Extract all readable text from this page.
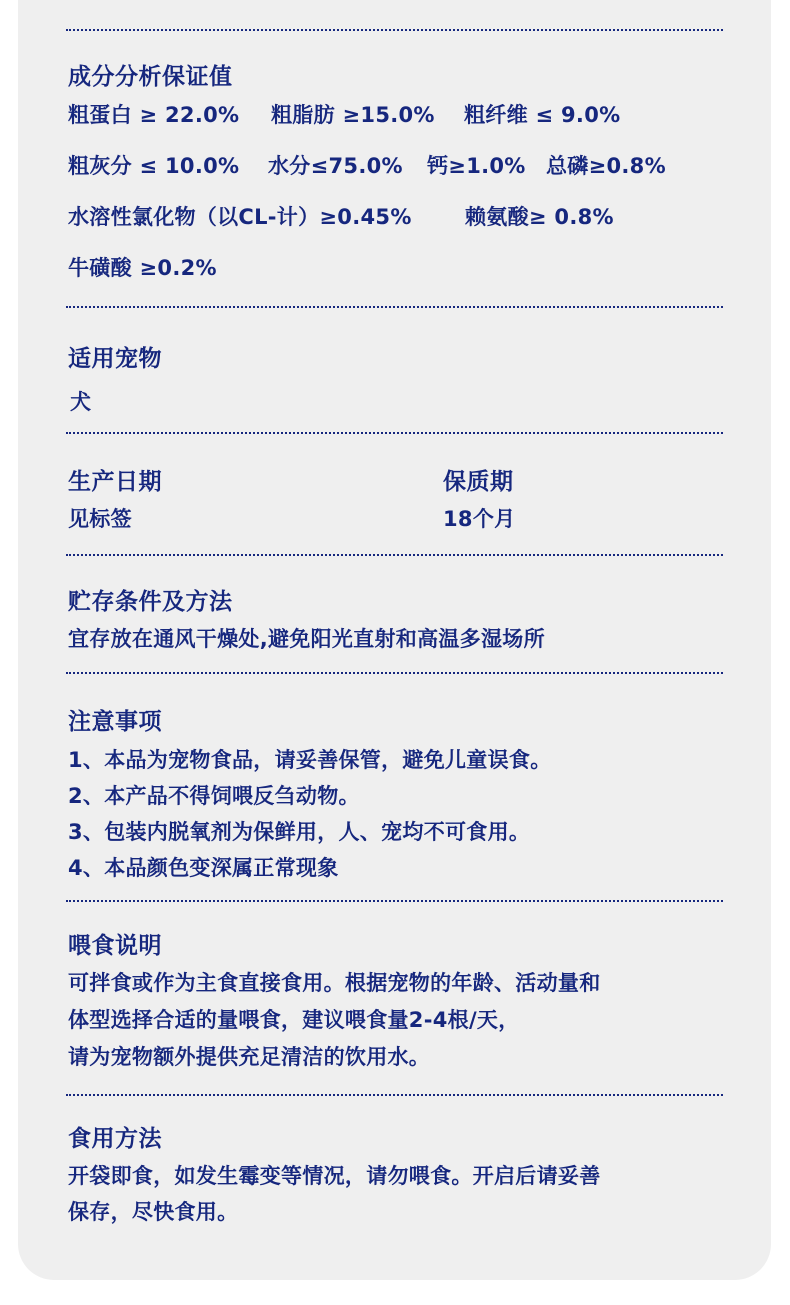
成分分析保证值
粗蛋白 ≥ 22.0% 粗脂肪 ≥15.0% 粗纤维 ≤ 9.0%
粗灰分 ≤ 10.0% 水分≤75.0% 钙≥1.0% 总磷≥0.8%
水溶性氯化物（以CL-计）≥0.45%	赖氨酸≥ 0.8%
牛磺酸 ≥0.2%
适用宠物
犬
生产日期
见标签
保质期
18个月
贮存条件及方法
宜存放在通风干燥处,避免阳光直射和高温多湿场所
注意事项
1、本品为宠物食品，请妥善保管，避免儿童误食。
2、本产品不得饲喂反刍动物。
3、包装内脱氧剂为保鲜用，人、宠均不可食用。
4、本品颜色变深属正常现象
喂食说明
可拌食或作为主食直接食用。根据宠物的年龄、活动量和
体型选择合适的量喂食，建议喂食量2-4根/天，
请为宠物额外提供充足清洁的饮用水。
食用方法
开袋即食，如发生霉变等情况，请勿喂食。开启后请妥善
保存，尽快食用。
